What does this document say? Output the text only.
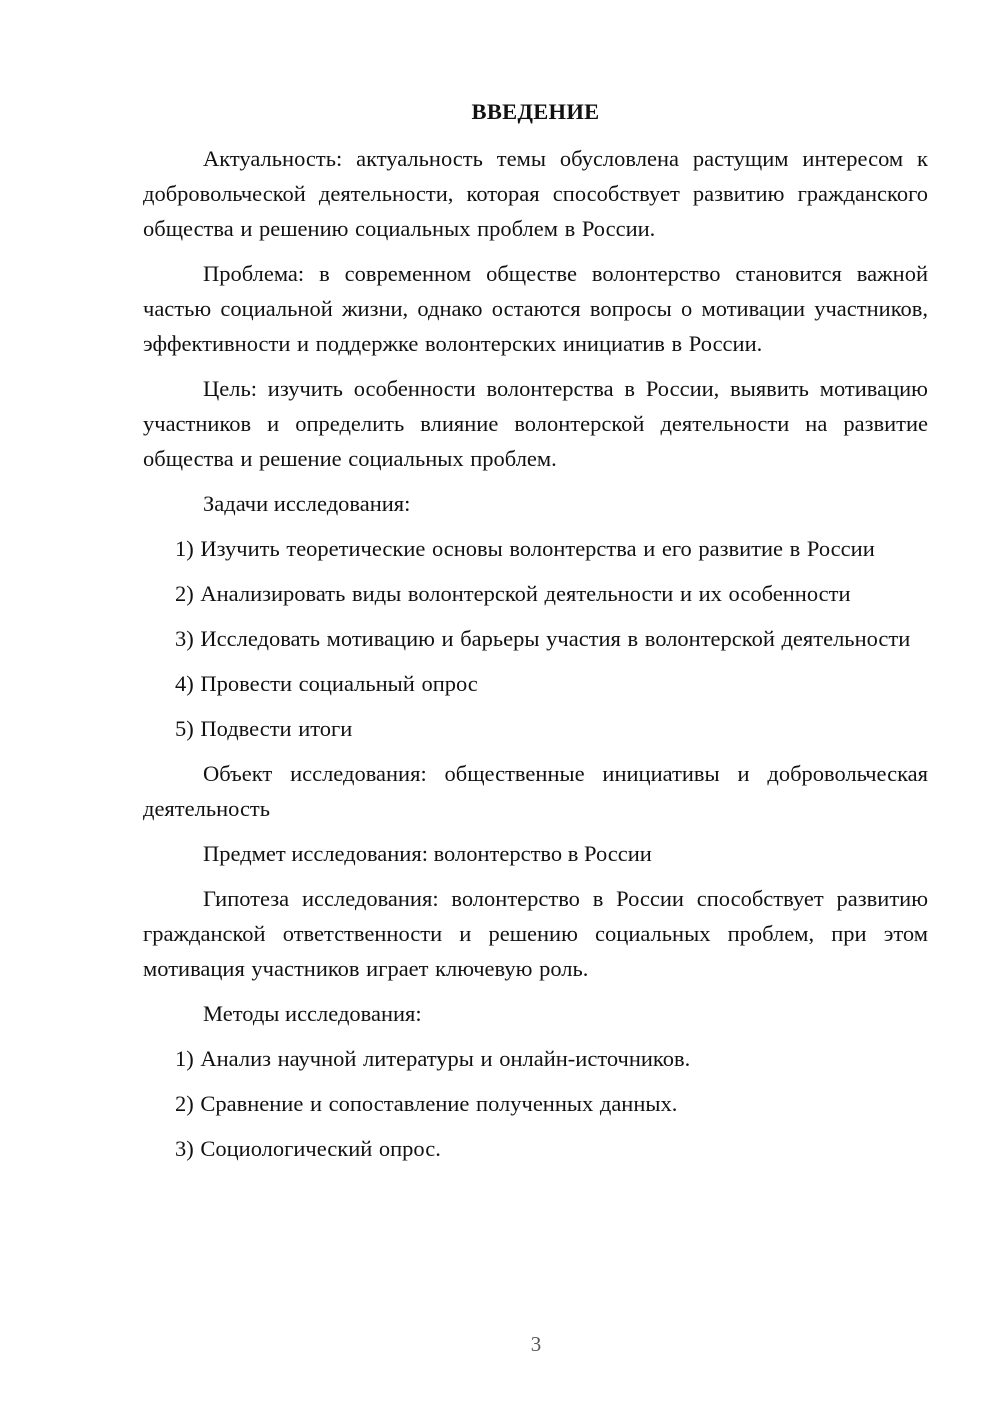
ВВЕДЕНИЕ

Актуальность: актуальность темы обусловлена растущим интересом к добровольческой деятельности, которая способствует развитию гражданского общества и решению социальных проблем в России.

Проблема: в современном обществе волонтерство становится важной частью социальной жизни, однако остаются вопросы о мотивации участников, эффективности и поддержке волонтерских инициатив в России.

Цель: изучить особенности волонтерства в России, выявить мотивацию участников и определить влияние волонтерской деятельности на развитие общества и решение социальных проблем.

Задачи исследования:

1) Изучить теоретические основы волонтерства и его развитие в России

2) Анализировать виды волонтерской деятельности и их особенности

3) Исследовать мотивацию и барьеры участия в волонтерской деятельности

4) Провести социальный опрос

5) Подвести итоги

Объект исследования: общественные инициативы и добровольческая деятельность

Предмет исследования: волонтерство в России

Гипотеза исследования: волонтерство в России способствует развитию гражданской ответственности и решению социальных проблем, при этом мотивация участников играет ключевую роль.

Методы исследования:

1) Анализ научной литературы и онлайн-источников.

2) Сравнение и сопоставление полученных данных.

3) Социологический опрос.

3
